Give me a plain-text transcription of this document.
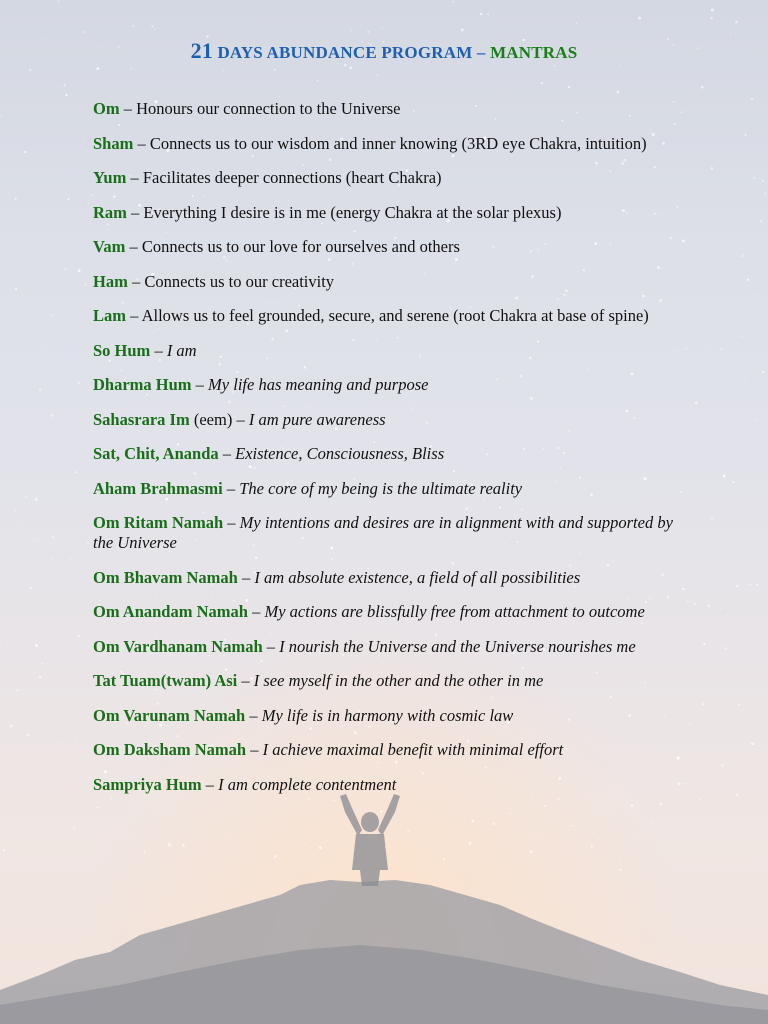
21 DAYS ABUNDANCE PROGRAM – MANTRAS
Om – Honours our connection to the Universe
Sham – Connects us to our wisdom and inner knowing (3RD eye Chakra, intuition)
Yum – Facilitates deeper connections (heart Chakra)
Ram – Everything I desire is in me (energy Chakra at the solar plexus)
Vam – Connects us to our love for ourselves and others
Ham – Connects us to our creativity
Lam – Allows us to feel grounded, secure, and serene (root Chakra at base of spine)
So Hum – I am
Dharma Hum – My life has meaning and purpose
Sahasrara Im (eem) – I am pure awareness
Sat, Chit, Ananda – Existence, Consciousness, Bliss
Aham Brahmasmi – The core of my being is the ultimate reality
Om Ritam Namah – My intentions and desires are in alignment with and supported by the Universe
Om Bhavam Namah – I am absolute existence, a field of all possibilities
Om Anandam Namah – My actions are blissfully free from attachment to outcome
Om Vardhanam Namah – I nourish the Universe and the Universe nourishes me
Tat Tuam(twam) Asi – I see myself in the other and the other in me
Om Varunam Namah – My life is in harmony with cosmic law
Om Daksham Namah – I achieve maximal benefit with minimal effort
Sampriya Hum – I am complete contentment
